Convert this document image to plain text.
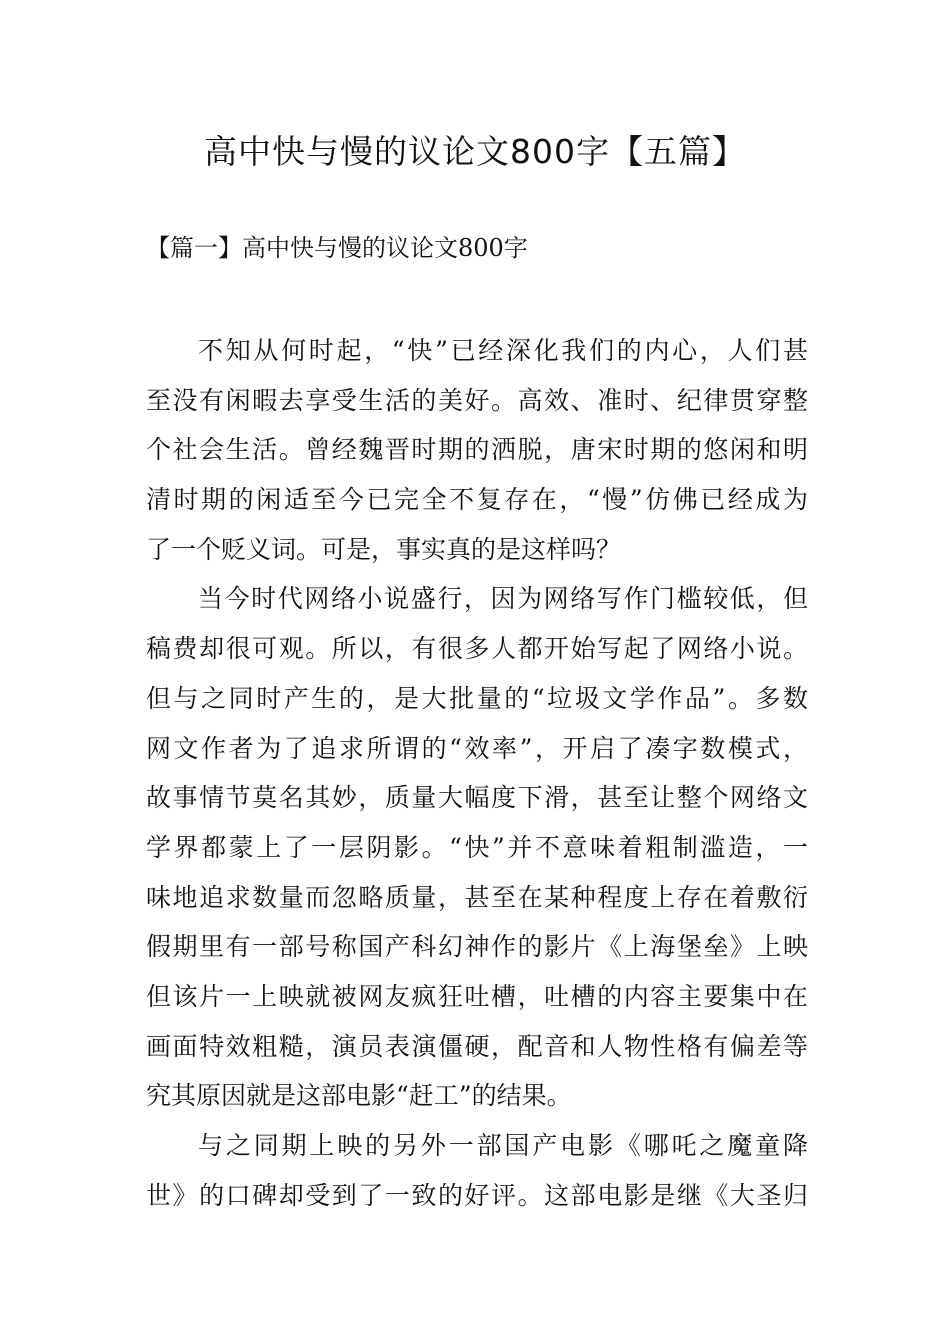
高中快与慢的议论文800字【五篇】
【篇一】高中快与慢的议论文800字
不知从何时起，“快”已经深化我们的内心，人们甚
至没有闲暇去享受生活的美好。高效、准时、纪律贯穿整
个社会生活。曾经魏晋时期的洒脱，唐宋时期的悠闲和明
清时期的闲适至今已完全不复存在，“慢”仿佛已经成为
了一个贬义词。可是，事实真的是这样吗？
当今时代网络小说盛行，因为网络写作门槛较低，但
稿费却很可观。所以，有很多人都开始写起了网络小说。
但与之同时产生的，是大批量的“垃圾文学作品”。多数
网文作者为了追求所谓的“效率”，开启了凑字数模式，
故事情节莫名其妙，质量大幅度下滑，甚至让整个网络文
学界都蒙上了一层阴影。“快”并不意味着粗制滥造，一
味地追求数量而忽略质量，甚至在某种程度上存在着敷衍
假期里有一部号称国产科幻神作的影片《上海堡垒》上映
但该片一上映就被网友疯狂吐槽，吐槽的内容主要集中在
画面特效粗糙，演员表演僵硬，配音和人物性格有偏差等
究其原因就是这部电影“赶工”的结果。
与之同期上映的另外一部国产电影《哪吒之魔童降
世》的口碑却受到了一致的好评。这部电影是继《大圣归
